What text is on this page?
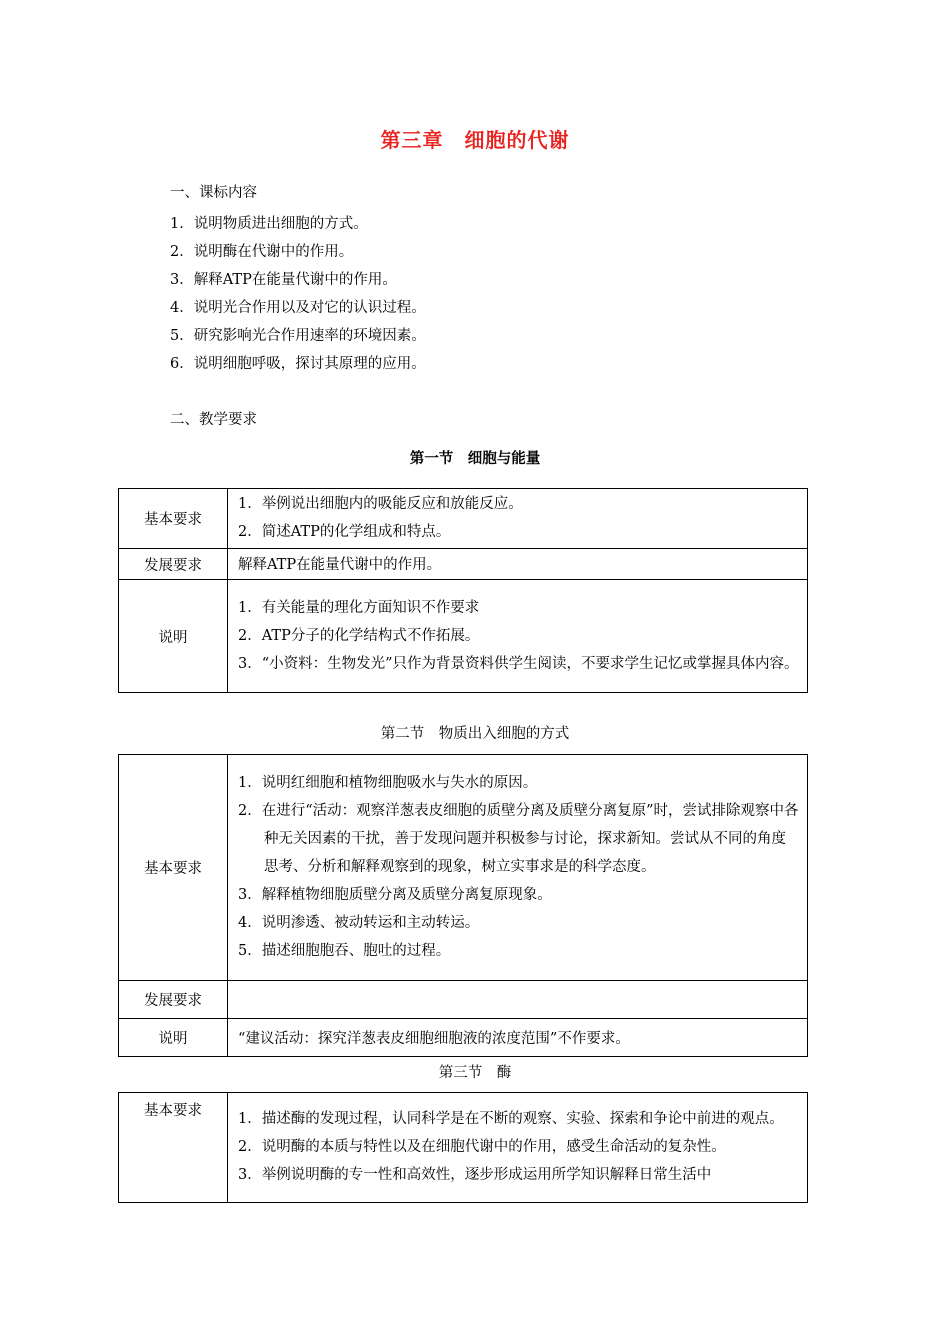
第三章　细胞的代谢
一、课标内容
1．说明物质进出细胞的方式。
2．说明酶在代谢中的作用。
3．解释ATP在能量代谢中的作用。
4．说明光合作用以及对它的认识过程。
5．研究影响光合作用速率的环境因素。
6．说明细胞呼吸，探讨其原理的应用。
二、教学要求
第一节　细胞与能量
基本要求	1．举例说出细胞内的吸能反应和放能反应。
2．简述ATP的化学组成和特点。

发展要求	解释ATP在能量代谢中的作用。
说明	1．有关能量的理化方面知识不作要求
2．ATP分子的化学结构式不作拓展。
3．“小资料：生物发光”只作为背景资料供学生阅读，不要求学生记忆或掌握具体内容。
第二节　物质出入细胞的方式
基本要求	1．说明红细胞和植物细胞吸水与失水的原因。
2．在进行“活动：观察洋葱表皮细胞的质壁分离及质壁分离复原”时，尝试排除观察中各种无关因素的干扰，善于发现问题并积极参与讨论，探求新知。尝试从不同的角度思考、分析和解释观察到的现象，树立实事求是的科学态度。
3．解释植物细胞质壁分离及质壁分离复原现象。
4．说明渗透、被动转运和主动转运。
5．描述细胞胞吞、胞吐的过程。

发展要求	
说明	“建议活动：探究洋葱表皮细胞细胞液的浓度范围”不作要求。
第三节　酶
基本要求	1．描述酶的发现过程，认同科学是在不断的观察、实验、探索和争论中前进的观点。
2．说明酶的本质与特性以及在细胞代谢中的作用，感受生命活动的复杂性。
3．举例说明酶的专一性和高效性，逐步形成运用所学知识解释日常生活中
